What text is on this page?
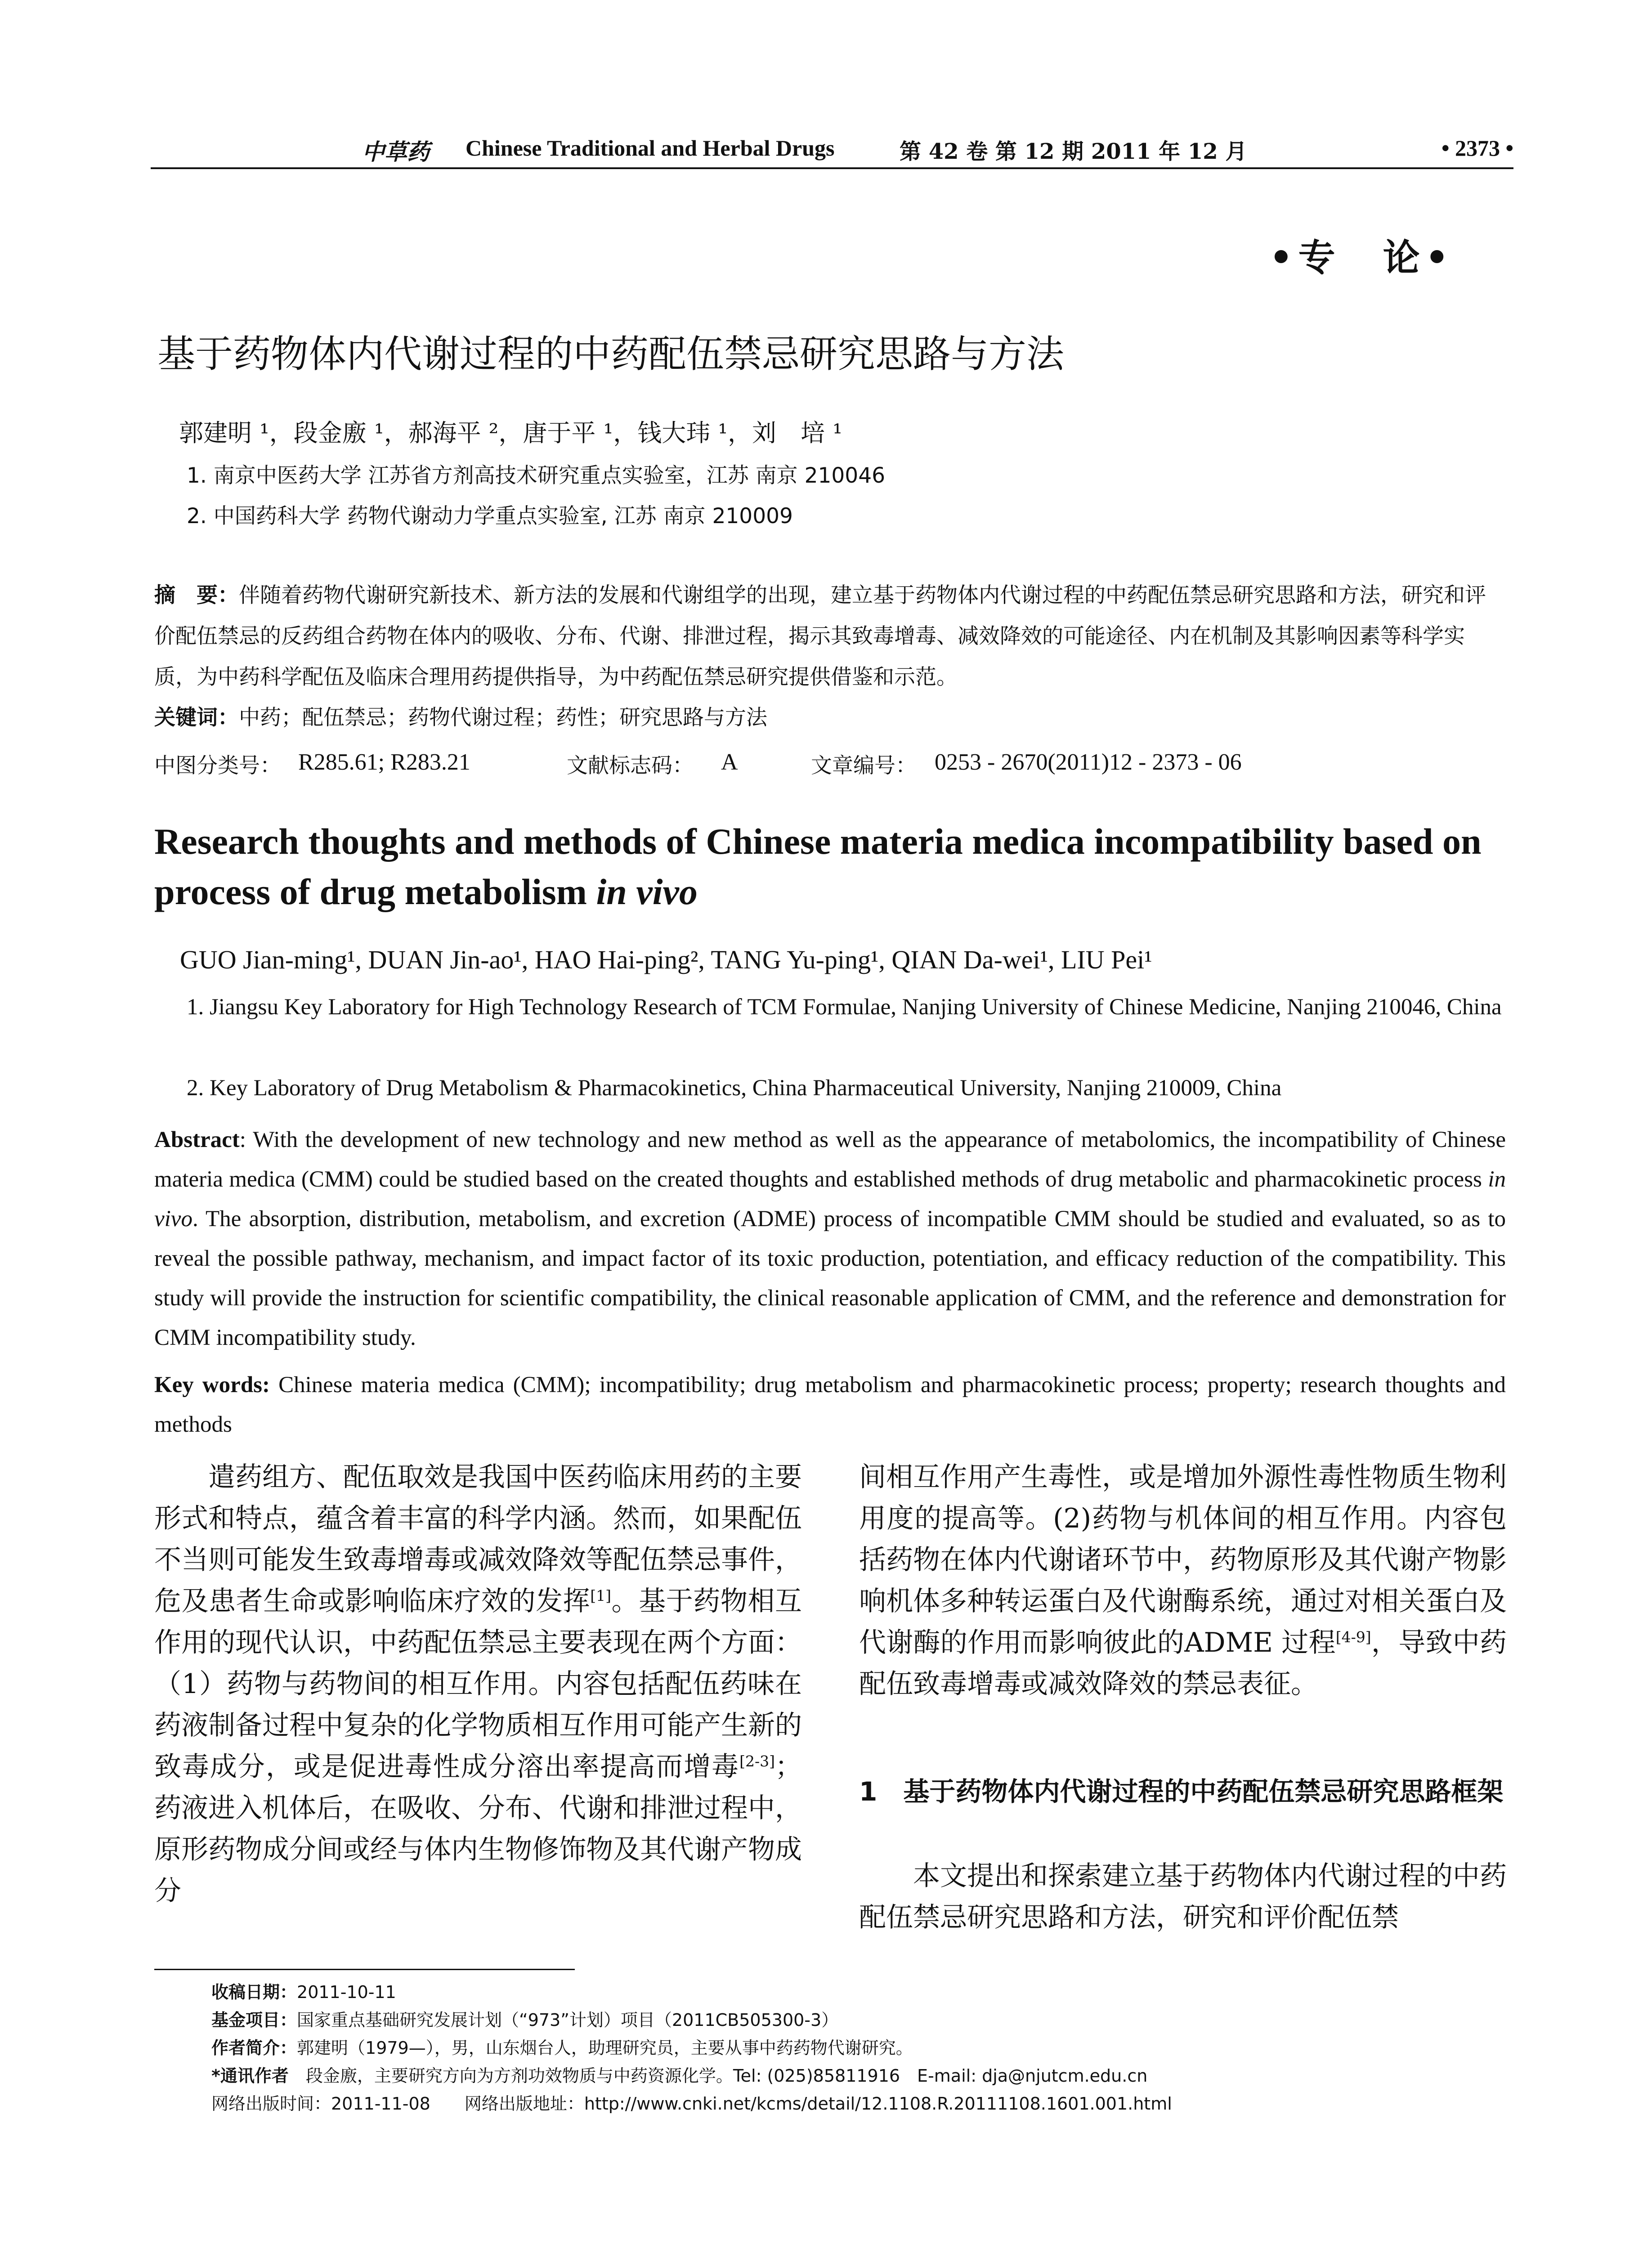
中草药 Chinese Traditional and Herbal Drugs	第 42 卷 第 12 期 2011 年 12 月	• 2373 •
•专　论•
基于药物体内代谢过程的中药配伍禁忌研究思路与方法
郭建明 ¹，段金廒 ¹，郝海平 ²，唐于平 ¹，钱大玮 ¹，刘　培 ¹
1. 南京中医药大学 江苏省方剂高技术研究重点实验室，江苏 南京 210046
2. 中国药科大学 药物代谢动力学重点实验室, 江苏 南京 210009
摘　要：伴随着药物代谢研究新技术、新方法的发展和代谢组学的出现，建立基于药物体内代谢过程的中药配伍禁忌研究思路和方法，研究和评价配伍禁忌的反药组合药物在体内的吸收、分布、代谢、排泄过程，揭示其致毒增毒、减效降效的可能途径、内在机制及其影响因素等科学实质，为中药科学配伍及临床合理用药提供指导，为中药配伍禁忌研究提供借鉴和示范。
关键词：中药；配伍禁忌；药物代谢过程；药性；研究思路与方法
中图分类号： R285.61; R283.21	文献标志码： A	文章编号： 0253 - 2670(2011)12 - 2373 - 06
Research thoughts and methods of Chinese materia medica incompatibility based on process of drug metabolism in vivo
GUO Jian-ming¹, DUAN Jin-ao¹, HAO Hai-ping², TANG Yu-ping¹, QIAN Da-wei¹, LIU Pei¹
1. Jiangsu Key Laboratory for High Technology Research of TCM Formulae, Nanjing University of Chinese Medicine, Nanjing 210046, China
2. Key Laboratory of Drug Metabolism & Pharmacokinetics, China Pharmaceutical University, Nanjing 210009, China
Abstract: With the development of new technology and new method as well as the appearance of metabolomics, the incompatibility of Chinese materia medica (CMM) could be studied based on the created thoughts and established methods of drug metabolic and pharmacokinetic process in vivo. The absorption, distribution, metabolism, and excretion (ADME) process of incompatible CMM should be studied and evaluated, so as to reveal the possible pathway, mechanism, and impact factor of its toxic production, potentiation, and efficacy reduction of the compatibility. This study will provide the instruction for scientific compatibility, the clinical reasonable application of CMM, and the reference and demonstration for CMM incompatibility study.
Key words: Chinese materia medica (CMM); incompatibility; drug metabolism and pharmacokinetic process; property; research thoughts and methods
遣药组方、配伍取效是我国中医药临床用药的主要形式和特点，蕴含着丰富的科学内涵。然而，如果配伍不当则可能发生致毒增毒或减效降效等配伍禁忌事件，危及患者生命或影响临床疗效的发挥[1]。基于药物相互作用的现代认识，中药配伍禁忌主要表现在两个方面：（1）药物与药物间的相互作用。内容包括配伍药味在药液制备过程中复杂的化学物质相互作用可能产生新的致毒成分，或是促进毒性成分溶出率提高而增毒[2-3]；药液进入机体后，在吸收、分布、代谢和排泄过程中，原形药物成分间或经与体内生物修饰物及其代谢产物成分
间相互作用产生毒性，或是增加外源性毒性物质生物利用度的提高等。(2)药物与机体间的相互作用。内容包括药物在体内代谢诸环节中，药物原形及其代谢产物影响机体多种转运蛋白及代谢酶系统，通过对相关蛋白及代谢酶的作用而影响彼此的ADME 过程[4-9]，导致中药配伍致毒增毒或减效降效的禁忌表征。
1　基于药物体内代谢过程的中药配伍禁忌研究思路框架
本文提出和探索建立基于药物体内代谢过程的中药配伍禁忌研究思路和方法，研究和评价配伍禁
收稿日期：2011-10-11
基金项目：国家重点基础研究发展计划（“973”计划）项目（2011CB505300-3）
作者简介：郭建明（1979—），男，山东烟台人，助理研究员，主要从事中药药物代谢研究。
*通讯作者　 段金廒，主要研究方向为方剂功效物质与中药资源化学。Tel: (025)85811916　E-mail: dja@njutcm.edu.cn
网络出版时间：2011-11-08　　网络出版地址：http://www.cnki.net/kcms/detail/12.1108.R.20111108.1601.001.html
